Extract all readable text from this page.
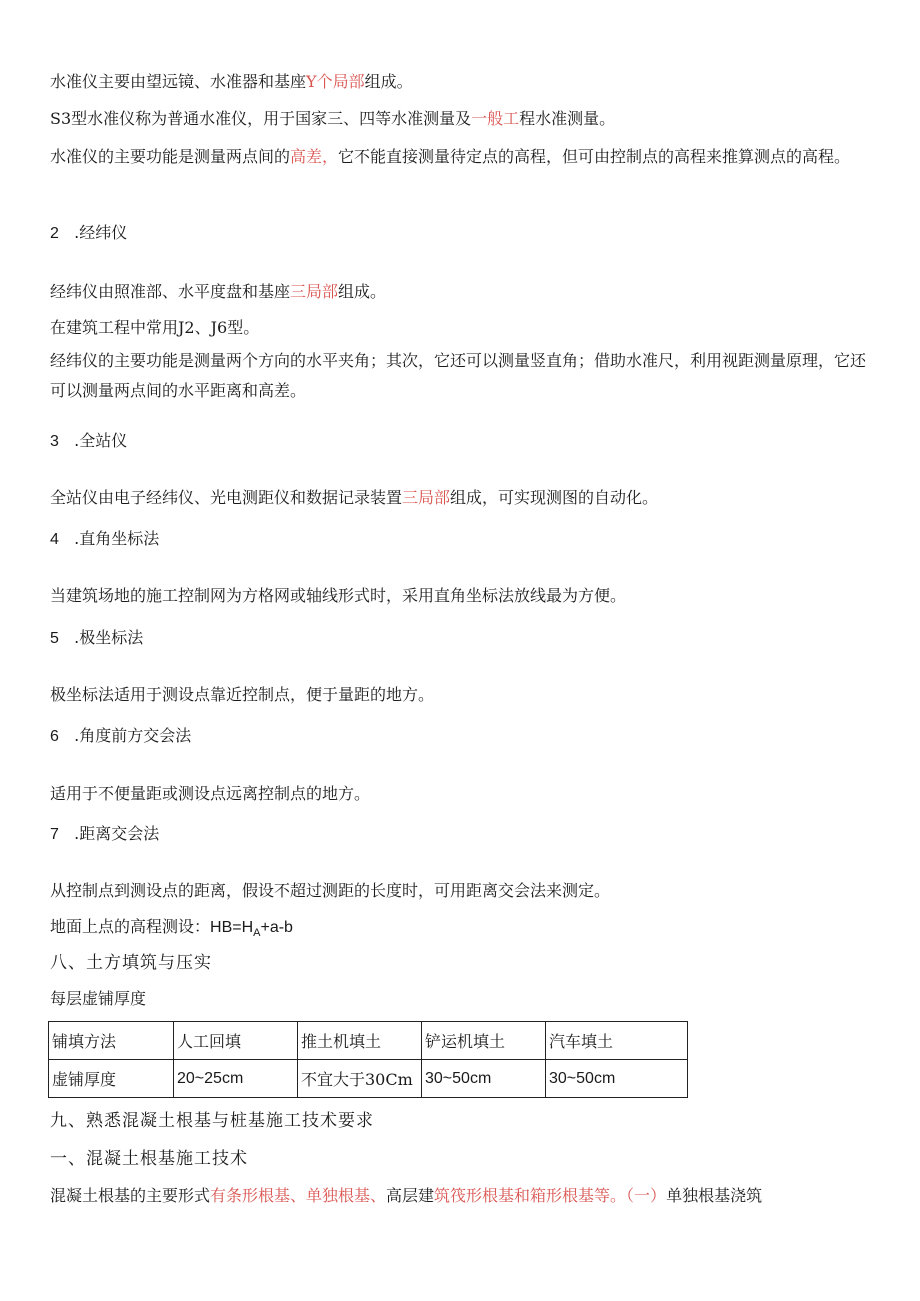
水准仪主要由望远镜、水准器和基座Y个局部组成。
S3型水准仪称为普通水准仪，用于国家三、四等水准测量及一般工程水准测量。
水准仪的主要功能是测量两点间的高差，它不能直接测量待定点的高程，但可由控制点的高程来推算测点的高程。
2 .经纬仪
经纬仪由照准部、水平度盘和基座三局部组成。
在建筑工程中常用J2、J6型。
经纬仪的主要功能是测量两个方向的水平夹角；其次，它还可以测量竖直角；借助水准尺，利用视距测量原理，它还可以测量两点间的水平距离和高差。
3 .全站仪
全站仪由电子经纬仪、光电测距仪和数据记录装置三局部组成，可实现测图的自动化。
4 .直角坐标法
当建筑场地的施工控制网为方格网或轴线形式时，采用直角坐标法放线最为方便。
5 .极坐标法
极坐标法适用于测设点靠近控制点，便于量距的地方。
6 .角度前方交会法
适用于不便量距或测设点远离控制点的地方。
7 .距离交会法
从控制点到测设点的距离，假设不超过测距的长度时，可用距离交会法来测定。
地面上点的高程测设：$HB=H_A+a-b$
八、土方填筑与压实
每层虚铺厚度
铺填方法	人工回填	推土机填土	铲运机填土	汽车填土
虚铺厚度	20~25cm	不宜大于30Cm	30~50cm	30~50cm
九、熟悉混凝土根基与桩基施工技术要求
一、混凝土根基施工技术
混凝土根基的主要形式有条形根基、单独根基、高层建筑筏形根基和箱形根基等。（一）单独根基浇筑
